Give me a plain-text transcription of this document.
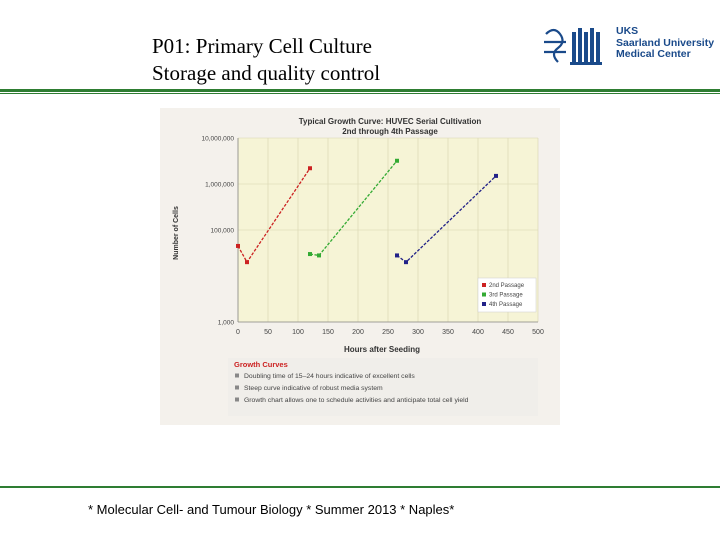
P01: Primary Cell Culture
Storage and quality control
UKS
Saarland University
Medical Center
0	50	100	150	200	250	300	350	400	450	500
1,000
100,000
1,000,000
10,000,000
Typical Growth Curve: HUVEC Serial Cultivation
2nd through 4th Passage
Hours after Seeding
Number of Cells
2nd Passage
3rd Passage
4th Passage
Growth Curves
Doubling time of 15–24 hours indicative of excellent cells
Steep curve indicative of robust media system
Growth chart allows one to schedule activities and anticipate total cell yield
* Molecular Cell- and Tumour Biology * Summer 2013 * Naples*
